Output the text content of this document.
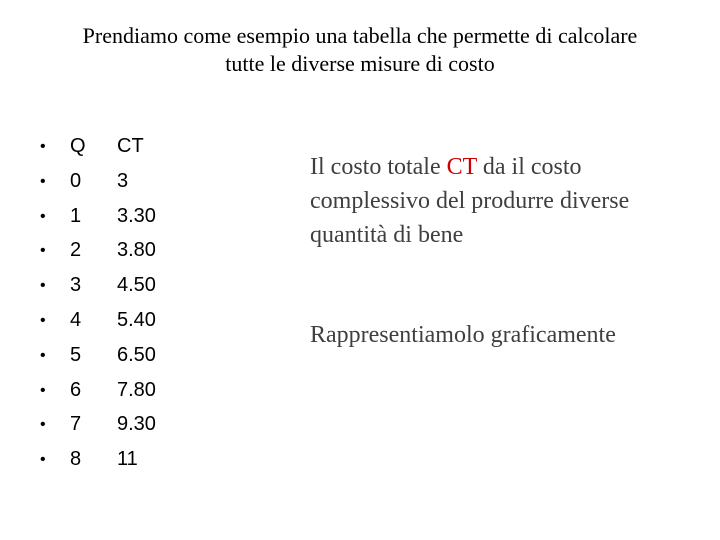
Prendiamo come esempio una tabella che permette di calcolare
tutte le diverse misure di costo
• Q CT
• 0 3
• 1 3.30
• 2 3.80
• 3 4.50
• 4 5.40
• 5 6.50
• 6 7.80
• 7 9.30
• 8 11
Il costo totale CT da il costo complessivo del produrre diverse quantità di bene
Rappresentiamolo graficamente
